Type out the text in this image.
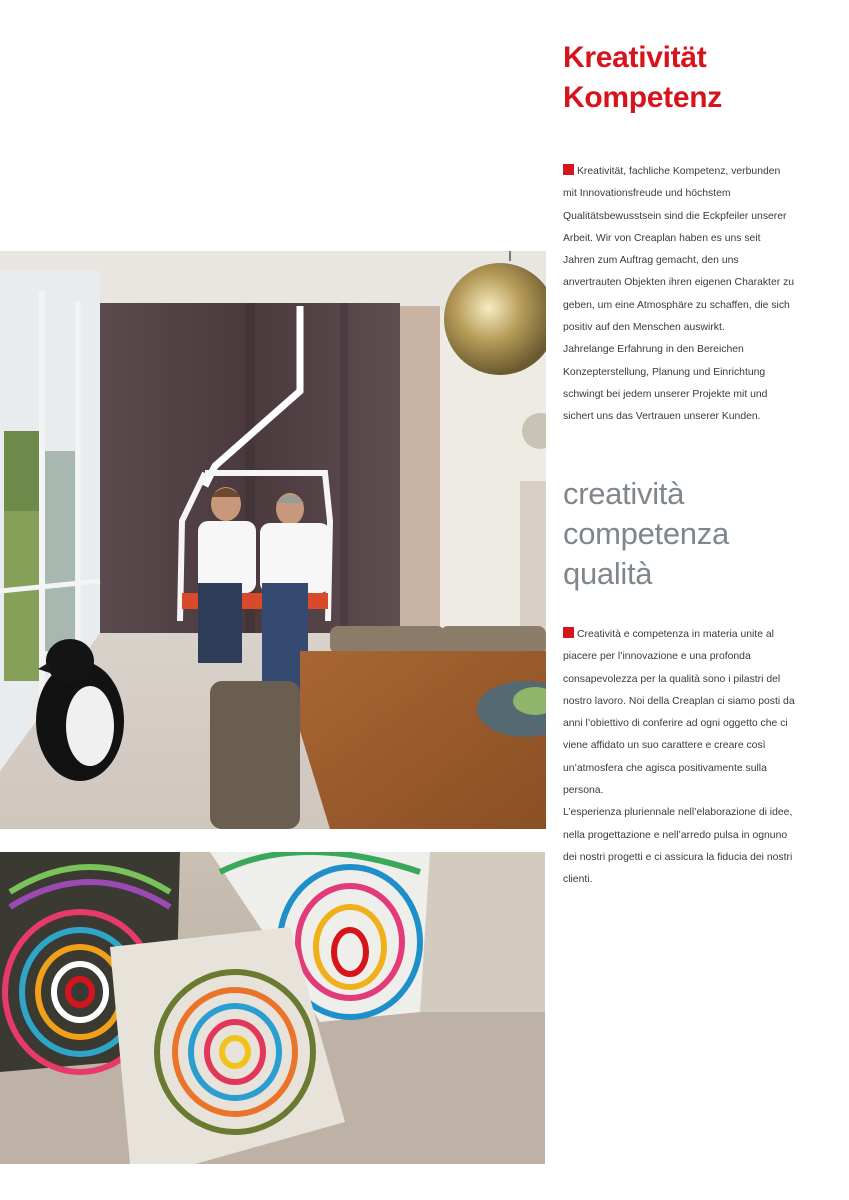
Kreativität
Kompetenz

Kreativität, fachliche Kompetenz, verbunden mit Innovationsfreude und höchstem Qualitätsbewusstsein sind die Eckpfeiler unserer Arbeit. Wir von Creaplan haben es uns seit Jahren zum Auftrag gemacht, den uns anvertrauten Objekten ihren eigenen Charakter zu geben, um eine Atmosphäre zu schaffen, die sich positiv auf den Menschen auswirkt.

Jahrelange Erfahrung in den Bereichen Konzepterstellung, Planung und Einrichtung schwingt bei jedem unserer Projekte mit und sichert uns das Vertrauen unserer Kunden.

creatività
competenza
qualità

Creatività e competenza in materia unite al piacere per l’innovazione e una profonda consapevolezza per la qualità sono i pilastri del nostro lavoro. Noi della Creaplan ci siamo posti da anni l’obiettivo di conferire ad ogni oggetto che ci viene affidato un suo carattere e creare così un’atmosfera che agisca positivamente sulla persona.

L’esperienza pluriennale nell’elaborazione di idee, nella progettazione e nell’arredo pulsa in ognuno dei nostri progetti e ci assicura la fiducia dei nostri clienti.
